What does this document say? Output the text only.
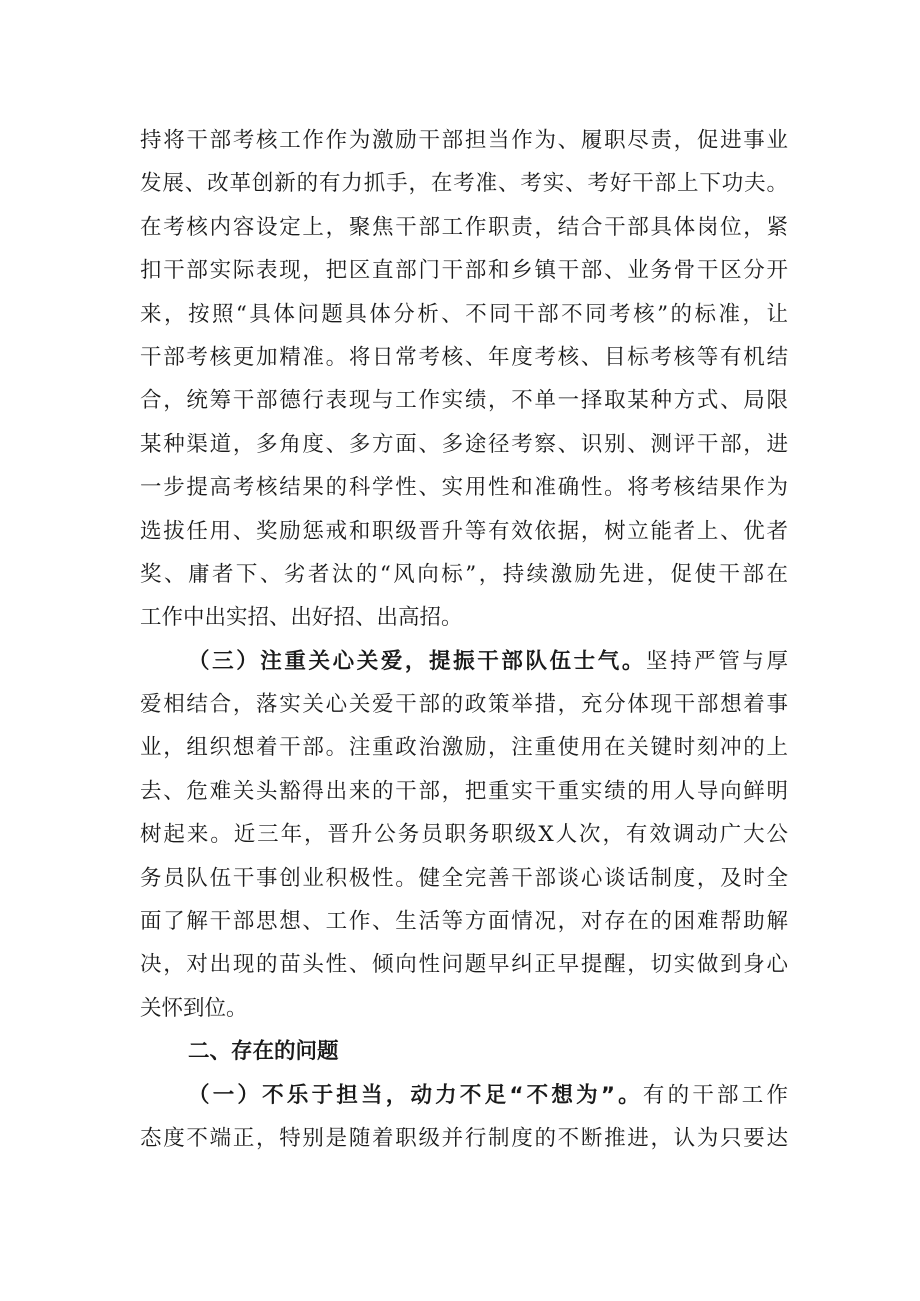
持将干部考核工作作为激励干部担当作为、履职尽责，促进事业
发展、改革创新的有力抓手，在考准、考实、考好干部上下功夫。
在考核内容设定上，聚焦干部工作职责，结合干部具体岗位，紧
扣干部实际表现，把区直部门干部和乡镇干部、业务骨干区分开
来，按照“具体问题具体分析、不同干部不同考核”的标准，让
干部考核更加精准。将日常考核、年度考核、目标考核等有机结
合，统筹干部德行表现与工作实绩，不单一择取某种方式、局限
某种渠道，多角度、多方面、多途径考察、识别、测评干部，进
一步提高考核结果的科学性、实用性和准确性。将考核结果作为
选拔任用、奖励惩戒和职级晋升等有效依据，树立能者上、优者
奖、庸者下、劣者汰的“风向标”，持续激励先进，促使干部在
工作中出实招、出好招、出高招。
（三）注重关心关爱，提振干部队伍士气。坚持严管与厚
爱相结合，落实关心关爱干部的政策举措，充分体现干部想着事
业，组织想着干部。注重政治激励，注重使用在关键时刻冲的上
去、危难关头豁得出来的干部，把重实干重实绩的用人导向鲜明
树起来。近三年，晋升公务员职务职级X人次，有效调动广大公
务员队伍干事创业积极性。健全完善干部谈心谈话制度，及时全
面了解干部思想、工作、生活等方面情况，对存在的困难帮助解
决，对出现的苗头性、倾向性问题早纠正早提醒，切实做到身心
关怀到位。
二、存在的问题
（一）不乐于担当，动力不足“不想为”。有的干部工作
态度不端正，特别是随着职级并行制度的不断推进，认为只要达
